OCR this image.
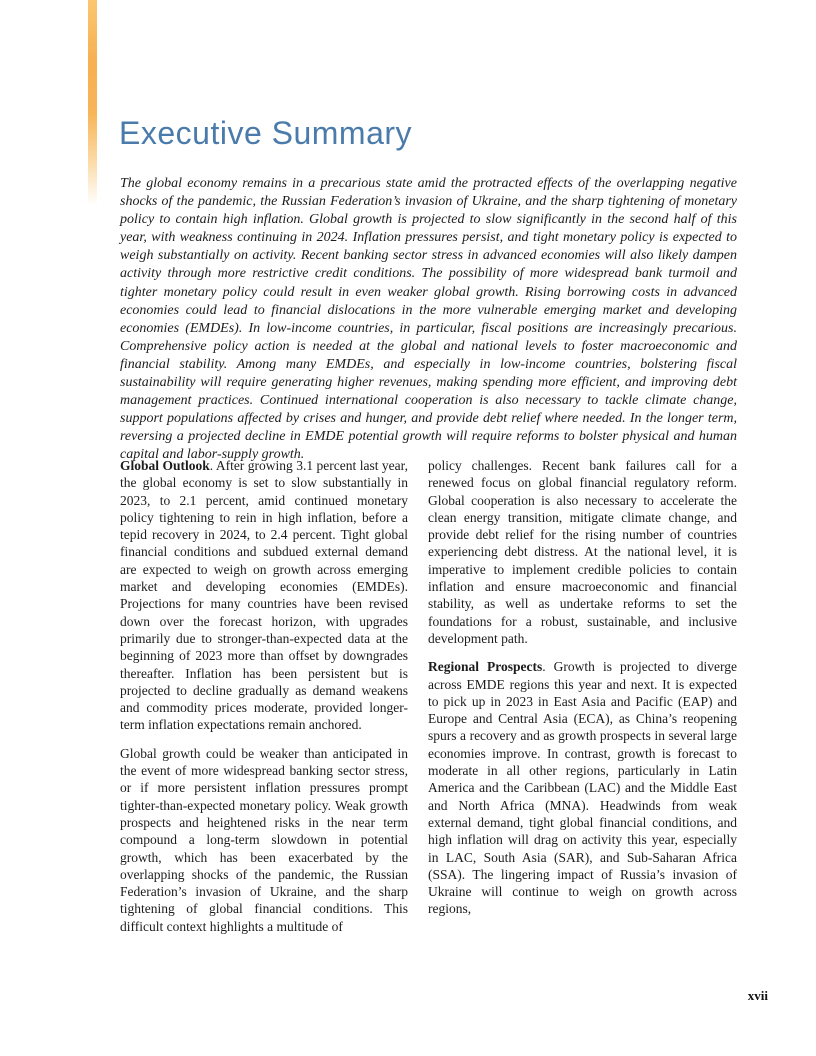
Executive Summary

The global economy remains in a precarious state amid the protracted effects of the overlapping negative shocks of the pandemic, the Russian Federation’s invasion of Ukraine, and the sharp tightening of monetary policy to contain high inflation. Global growth is projected to slow significantly in the second half of this year, with weakness continuing in 2024. Inflation pressures persist, and tight monetary policy is expected to weigh substantially on activity. Recent banking sector stress in advanced economies will also likely dampen activity through more restrictive credit conditions. The possibility of more widespread bank turmoil and tighter monetary policy could result in even weaker global growth. Rising borrowing costs in advanced economies could lead to financial dislocations in the more vulnerable emerging market and developing economies (EMDEs). In low-income countries, in particular, fiscal positions are increasingly precarious. Comprehensive policy action is needed at the global and national levels to foster macroeconomic and financial stability. Among many EMDEs, and especially in low-income countries, bolstering fiscal sustainability will require generating higher revenues, making spending more efficient, and improving debt management practices. Continued international cooperation is also necessary to tackle climate change, support populations affected by crises and hunger, and provide debt relief where needed. In the longer term, reversing a projected decline in EMDE potential growth will require reforms to bolster physical and human capital and labor-supply growth.

Global Outlook. After growing 3.1 percent last year, the global economy is set to slow substantially in 2023, to 2.1 percent, amid continued monetary policy tightening to rein in high inflation, before a tepid recovery in 2024, to 2.4 percent. Tight global financial conditions and subdued external demand are expected to weigh on growth across emerging market and developing economies (EMDEs). Projections for many countries have been revised down over the forecast horizon, with upgrades primarily due to stronger-than-expected data at the beginning of 2023 more than offset by downgrades thereafter. Inflation has been persistent but is projected to decline gradually as demand weakens and commodity prices moderate, provided longer-term inflation expectations remain anchored.

Global growth could be weaker than anticipated in the event of more widespread banking sector stress, or if more persistent inflation pressures prompt tighter-than-expected monetary policy. Weak growth prospects and heightened risks in the near term compound a long-term slowdown in potential growth, which has been exacerbated by the overlapping shocks of the pandemic, the Russian Federation’s invasion of Ukraine, and the sharp tightening of global financial conditions. This difficult context highlights a multitude of

policy challenges. Recent bank failures call for a renewed focus on global financial regulatory reform. Global cooperation is also necessary to accelerate the clean energy transition, mitigate climate change, and provide debt relief for the rising number of countries experiencing debt distress. At the national level, it is imperative to implement credible policies to contain inflation and ensure macroeconomic and financial stability, as well as undertake reforms to set the foundations for a robust, sustainable, and inclusive development path.

Regional Prospects. Growth is projected to diverge across EMDE regions this year and next. It is expected to pick up in 2023 in East Asia and Pacific (EAP) and Europe and Central Asia (ECA), as China’s reopening spurs a recovery and as growth prospects in several large economies improve. In contrast, growth is forecast to moderate in all other regions, particularly in Latin America and the Caribbean (LAC) and the Middle East and North Africa (MNA). Headwinds from weak external demand, tight global financial conditions, and high inflation will drag on activity this year, especially in LAC, South Asia (SAR), and Sub-Saharan Africa (SSA). The lingering impact of Russia’s invasion of Ukraine will continue to weigh on growth across regions,

xvii
